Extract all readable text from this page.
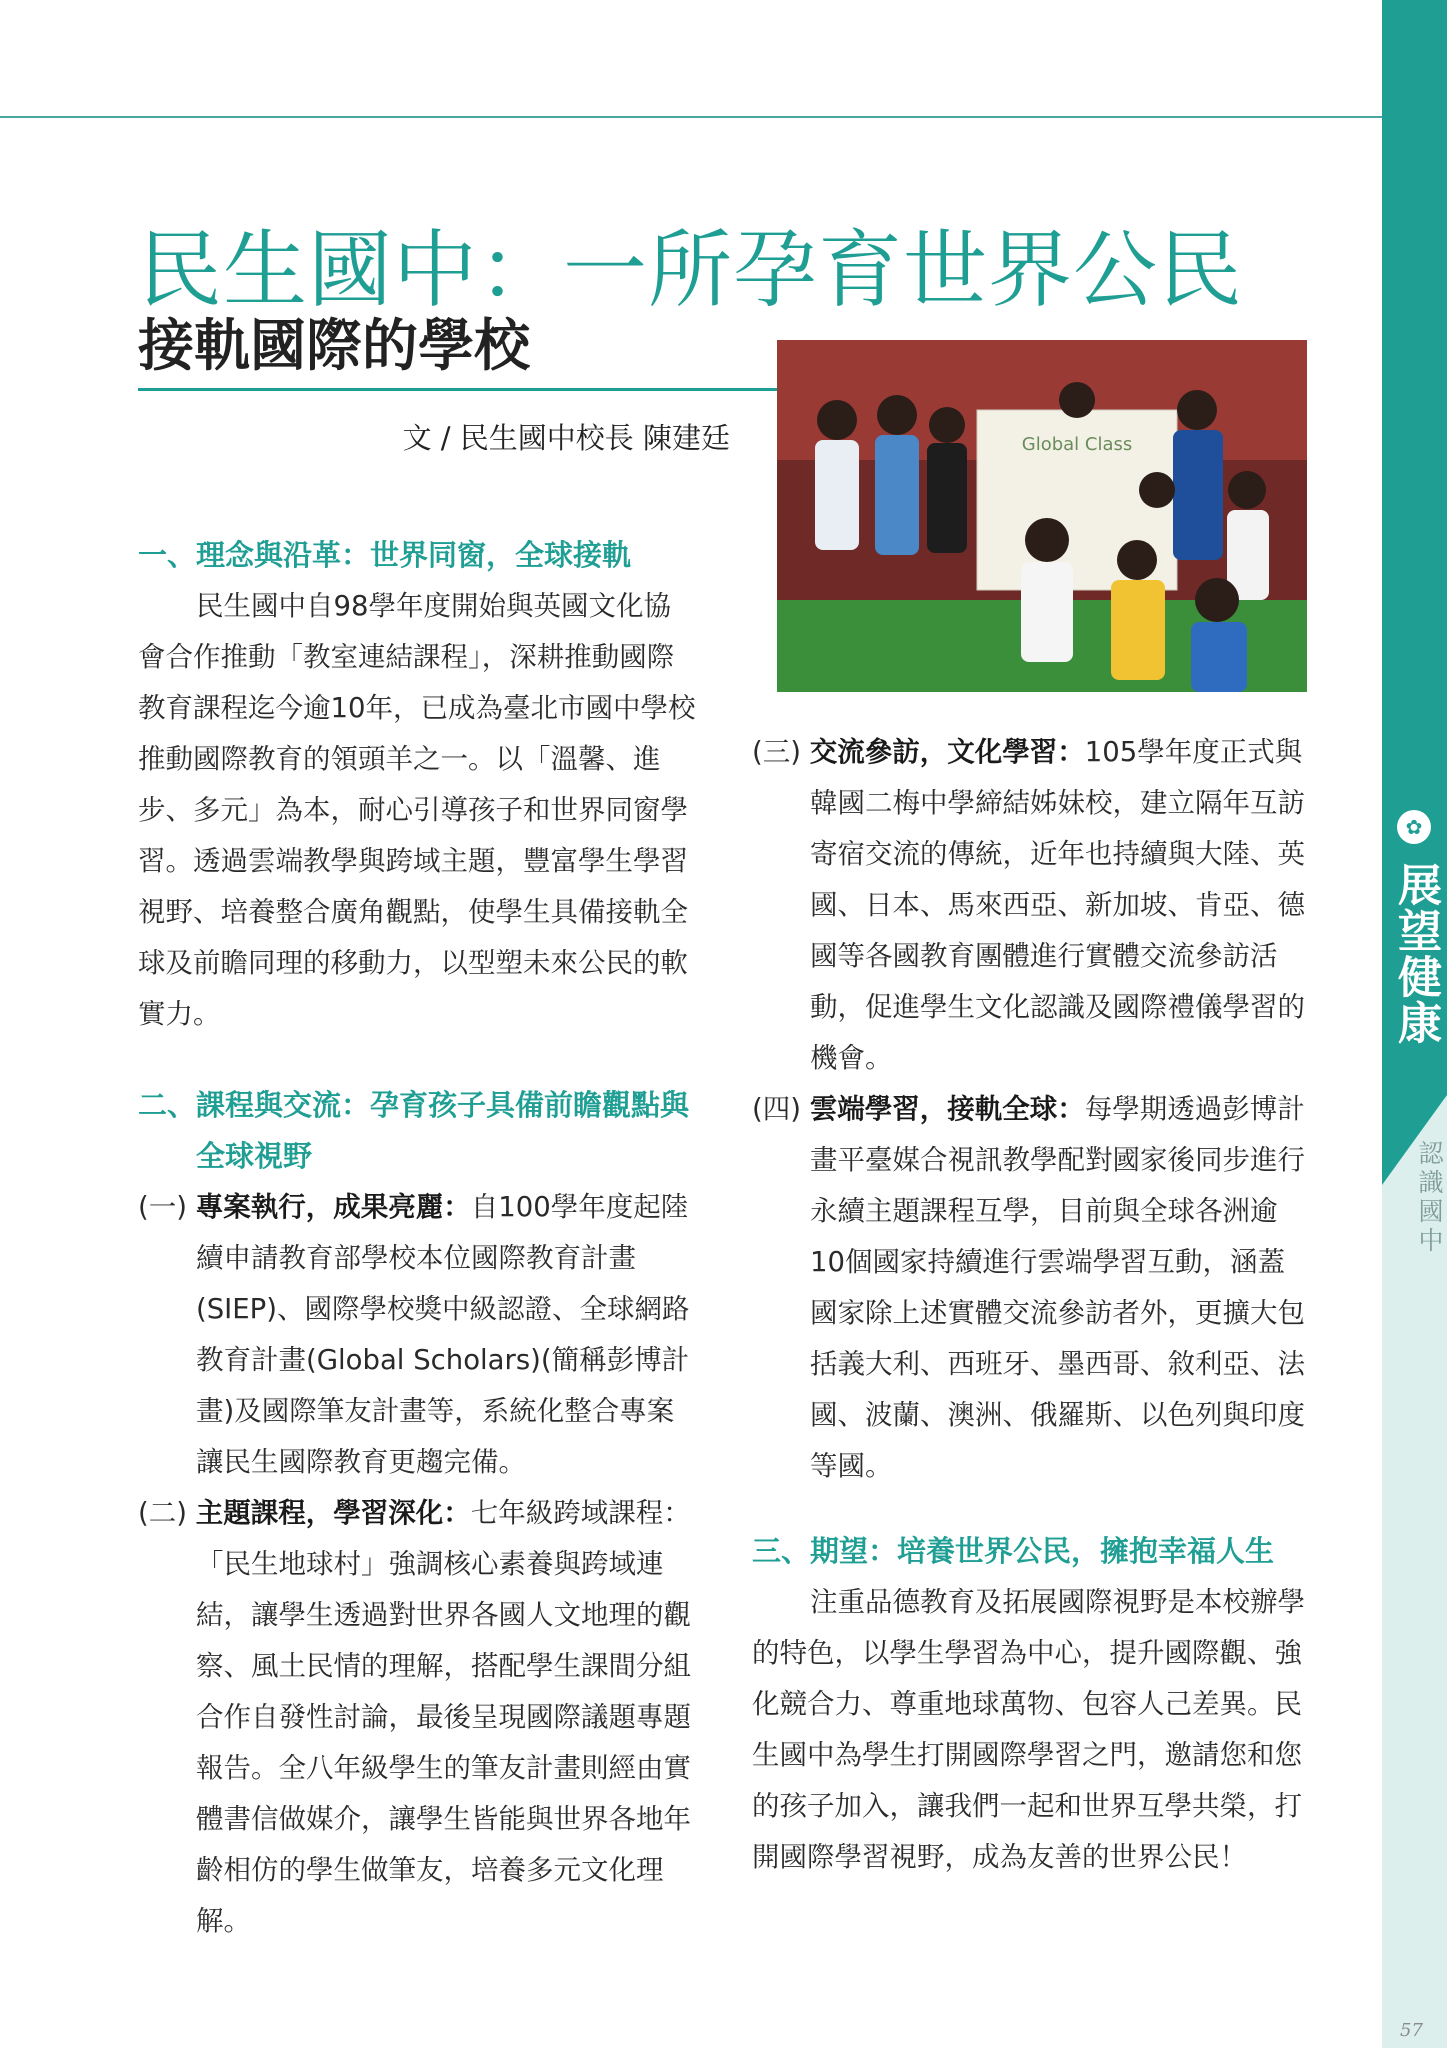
✿
展望健康
認識國中
民生國中：一所孕育世界公民
接軌國際的學校
文 / 民生國中校長 陳建廷	Global Class

一、理念與沿革：世界同窗，全球接軌

民生國中自98學年度開始與英國文化協會合作推動「教室連結課程」，深耕推動國際教育課程迄今逾10年，已成為臺北市國中學校推動國際教育的領頭羊之一。以「溫馨、進步、多元」為本，耐心引導孩子和世界同窗學習。透過雲端教學與跨域主題，豐富學生學習視野、培養整合廣角觀點，使學生具備接軌全球及前瞻同理的移動力，以型塑未來公民的軟實力。

二、課程與交流：孕育孩子具備前瞻觀點與全球視野

(一) 專案執行，成果亮麗：自100學年度起陸續申請教育部學校本位國際教育計畫(SIEP)、國際學校獎中級認證、全球網路教育計畫(Global Scholars)(簡稱彭博計畫)及國際筆友計畫等，系統化整合專案讓民生國際教育更趨完備。

(二) 主題課程，學習深化：七年級跨域課程：「民生地球村」強調核心素養與跨域連結，讓學生透過對世界各國人文地理的觀察、風土民情的理解，搭配學生課間分組合作自發性討論，最後呈現國際議題專題報告。全八年級學生的筆友計畫則經由實體書信做媒介，讓學生皆能與世界各地年齡相仿的學生做筆友，培養多元文化理解。

(三) 交流參訪，文化學習：105學年度正式與韓國二梅中學締結姊妹校，建立隔年互訪寄宿交流的傳統，近年也持續與大陸、英國、日本、馬來西亞、新加坡、肯亞、德國等各國教育團體進行實體交流參訪活動，促進學生文化認識及國際禮儀學習的機會。

(四) 雲端學習，接軌全球：每學期透過彭博計畫平臺媒合視訊教學配對國家後同步進行永續主題課程互學，目前與全球各洲逾10個國家持續進行雲端學習互動，涵蓋國家除上述實體交流參訪者外，更擴大包括義大利、西班牙、墨西哥、敘利亞、法國、波蘭、澳洲、俄羅斯、以色列與印度等國。

三、期望：培養世界公民，擁抱幸福人生

注重品德教育及拓展國際視野是本校辦學的特色，以學生學習為中心，提升國際觀、強化競合力、尊重地球萬物、包容人己差異。民生國中為學生打開國際學習之門，邀請您和您的孩子加入，讓我們一起和世界互學共榮，打開國際學習視野，成為友善的世界公民！

57
